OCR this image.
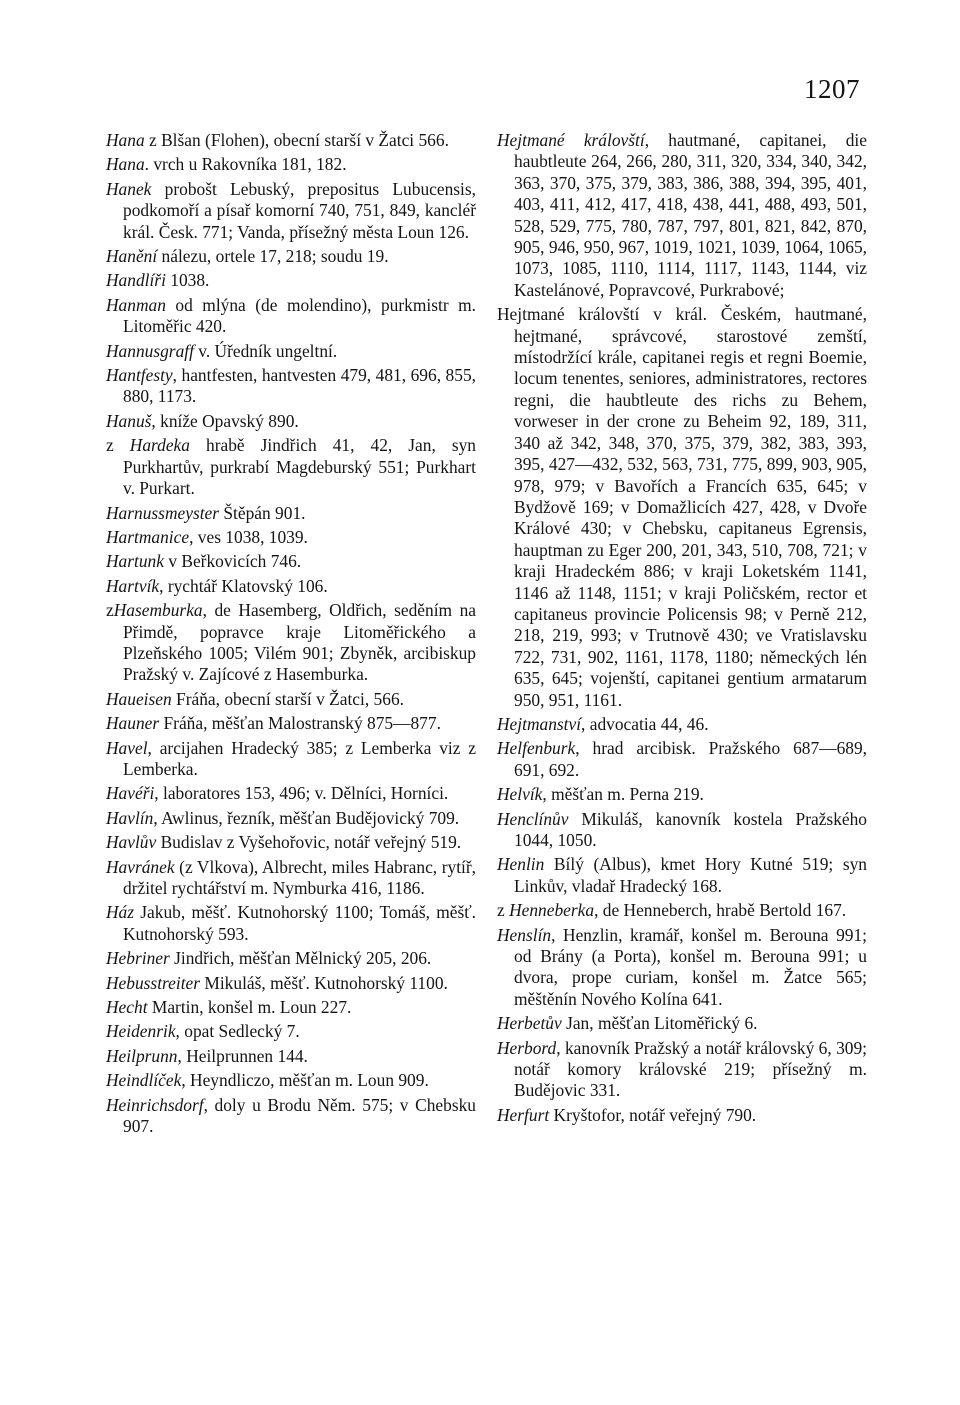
1207

Hana z Blšan (Flohen), obecní starší v Žatci 566.

Hana. vrch u Rakovníka 181, 182.

Hanek probošt Lebuský, prepositus Lubucensis, podkomoří a písař komorní 740, 751, 849, kancléř král. Česk. 771; Vanda, přísežný města Loun 126.

Hanění nálezu, ortele 17, 218; soudu 19.

Handlíři 1038.

Hanman od mlýna (de molendino), purkmistr m. Litoměřic 420.

Hannusgraff v. Úředník ungeltní.

Hantfesty, hantfesten, hantvesten 479, 481, 696, 855, 880, 1173.

Hanuš, kníže Opavský 890.

z Hardeka hrabě Jindřich 41, 42, Jan, syn Purkhartův, purkrabí Magdeburský 551; Purkhart v. Purkart.

Harnussmeyster Štěpán 901.

Hartmanice, ves 1038, 1039.

Hartunk v Beřkovicích 746.

Hartvík, rychtář Klatovský 106.

zHasemburka, de Hasemberg, Oldřich, seděním na Přimdě, popravce kraje Litoměřického a Plzeňského 1005; Vilém 901; Zbyněk, arcibiskup Pražský v. Zajícové z Hasemburka.

Haueisen Fráňa, obecní starší v Žatci, 566.

Hauner Fráňa, měšťan Malostranský 875—877.

Havel, arcijahen Hradecký 385; z Lemberka viz z Lemberka.

Havéři, laboratores 153, 496; v. Dělníci, Horníci.

Havlín, Awlinus, řezník, měšťan Budějovický 709.

Havlův Budislav z Vyšehořovic, notář veřejný 519.

Havránek (z Vlkova), Albrecht, miles Habranc, rytíř, držitel rychtářství m. Nymburka 416, 1186.

Ház Jakub, měšť. Kutnohorský 1100; Tomáš, měšť. Kutnohorský 593.

Hebriner Jindřich, měšťan Mělnický 205, 206.

Hebusstreiter Mikuláš, měšť. Kutnohorský 1100.

Hecht Martin, konšel m. Loun 227.

Heidenrik, opat Sedlecký 7.

Heilprunn, Heilprunnen 144.

Heindlíček, Heyndliczo, měšťan m. Loun 909.

Heinrichsdorf, doly u Brodu Něm. 575; v Chebsku 907.

Hejtmané královští, hautmané, capitanei, die haubtleute 264, 266, 280, 311, 320, 334, 340, 342, 363, 370, 375, 379, 383, 386, 388, 394, 395, 401, 403, 411, 412, 417, 418, 438, 441, 488, 493, 501, 528, 529, 775, 780, 787, 797, 801, 821, 842, 870, 905, 946, 950, 967, 1019, 1021, 1039, 1064, 1065, 1073, 1085, 1110, 1114, 1117, 1143, 1144, viz Kastelánové, Popravcové, Purkrabové;

Hejtmané královští v král. Českém, hautmané, hejtmané, správcové, starostové zemští, místodržící krále, capitanei regis et regni Boemie, locum tenentes, seniores, administratores, rectores regni, die haubtleute des richs zu Behem, vorweser in der crone zu Beheim 92, 189, 311, 340 až 342, 348, 370, 375, 379, 382, 383, 393, 395, 427—432, 532, 563, 731, 775, 899, 903, 905, 978, 979; v Bavořích a Francích 635, 645; v Bydžově 169; v Domažlicích 427, 428, v Dvoře Králové 430; v Chebsku, capitaneus Egrensis, hauptman zu Eger 200, 201, 343, 510, 708, 721; v kraji Hradeckém 886; v kraji Loketském 1141, 1146 až 1148, 1151; v kraji Poličském, rector et capitaneus provincie Policensis 98; v Perně 212, 218, 219, 993; v Trutnově 430; ve Vratislavsku 722, 731, 902, 1161, 1178, 1180; německých lén 635, 645; vojenští, capitanei gentium armatarum 950, 951, 1161.

Hejtmanství, advocatia 44, 46.

Helfenburk, hrad arcibisk. Pražského 687—689, 691, 692.

Helvík, měšťan m. Perna 219.

Henclínův Mikuláš, kanovník kostela Pražského 1044, 1050.

Henlin Bílý (Albus), kmet Hory Kutné 519; syn Linkův, vladař Hradecký 168.

z Henneberka, de Henneberch, hrabě Bertold 167.

Henslín, Henzlin, kramář, konšel m. Berouna 991; od Brány (a Porta), konšel m. Berouna 991; u dvora, prope curiam, konšel m. Žatce 565; měštěnín Nového Kolína 641.

Herbetův Jan, měšťan Litoměřický 6.

Herbord, kanovník Pražský a notář královský 6, 309; notář komory královské 219; přísežný m. Budějovic 331.

Herfurt Kryštofor, notář veřejný 790.
